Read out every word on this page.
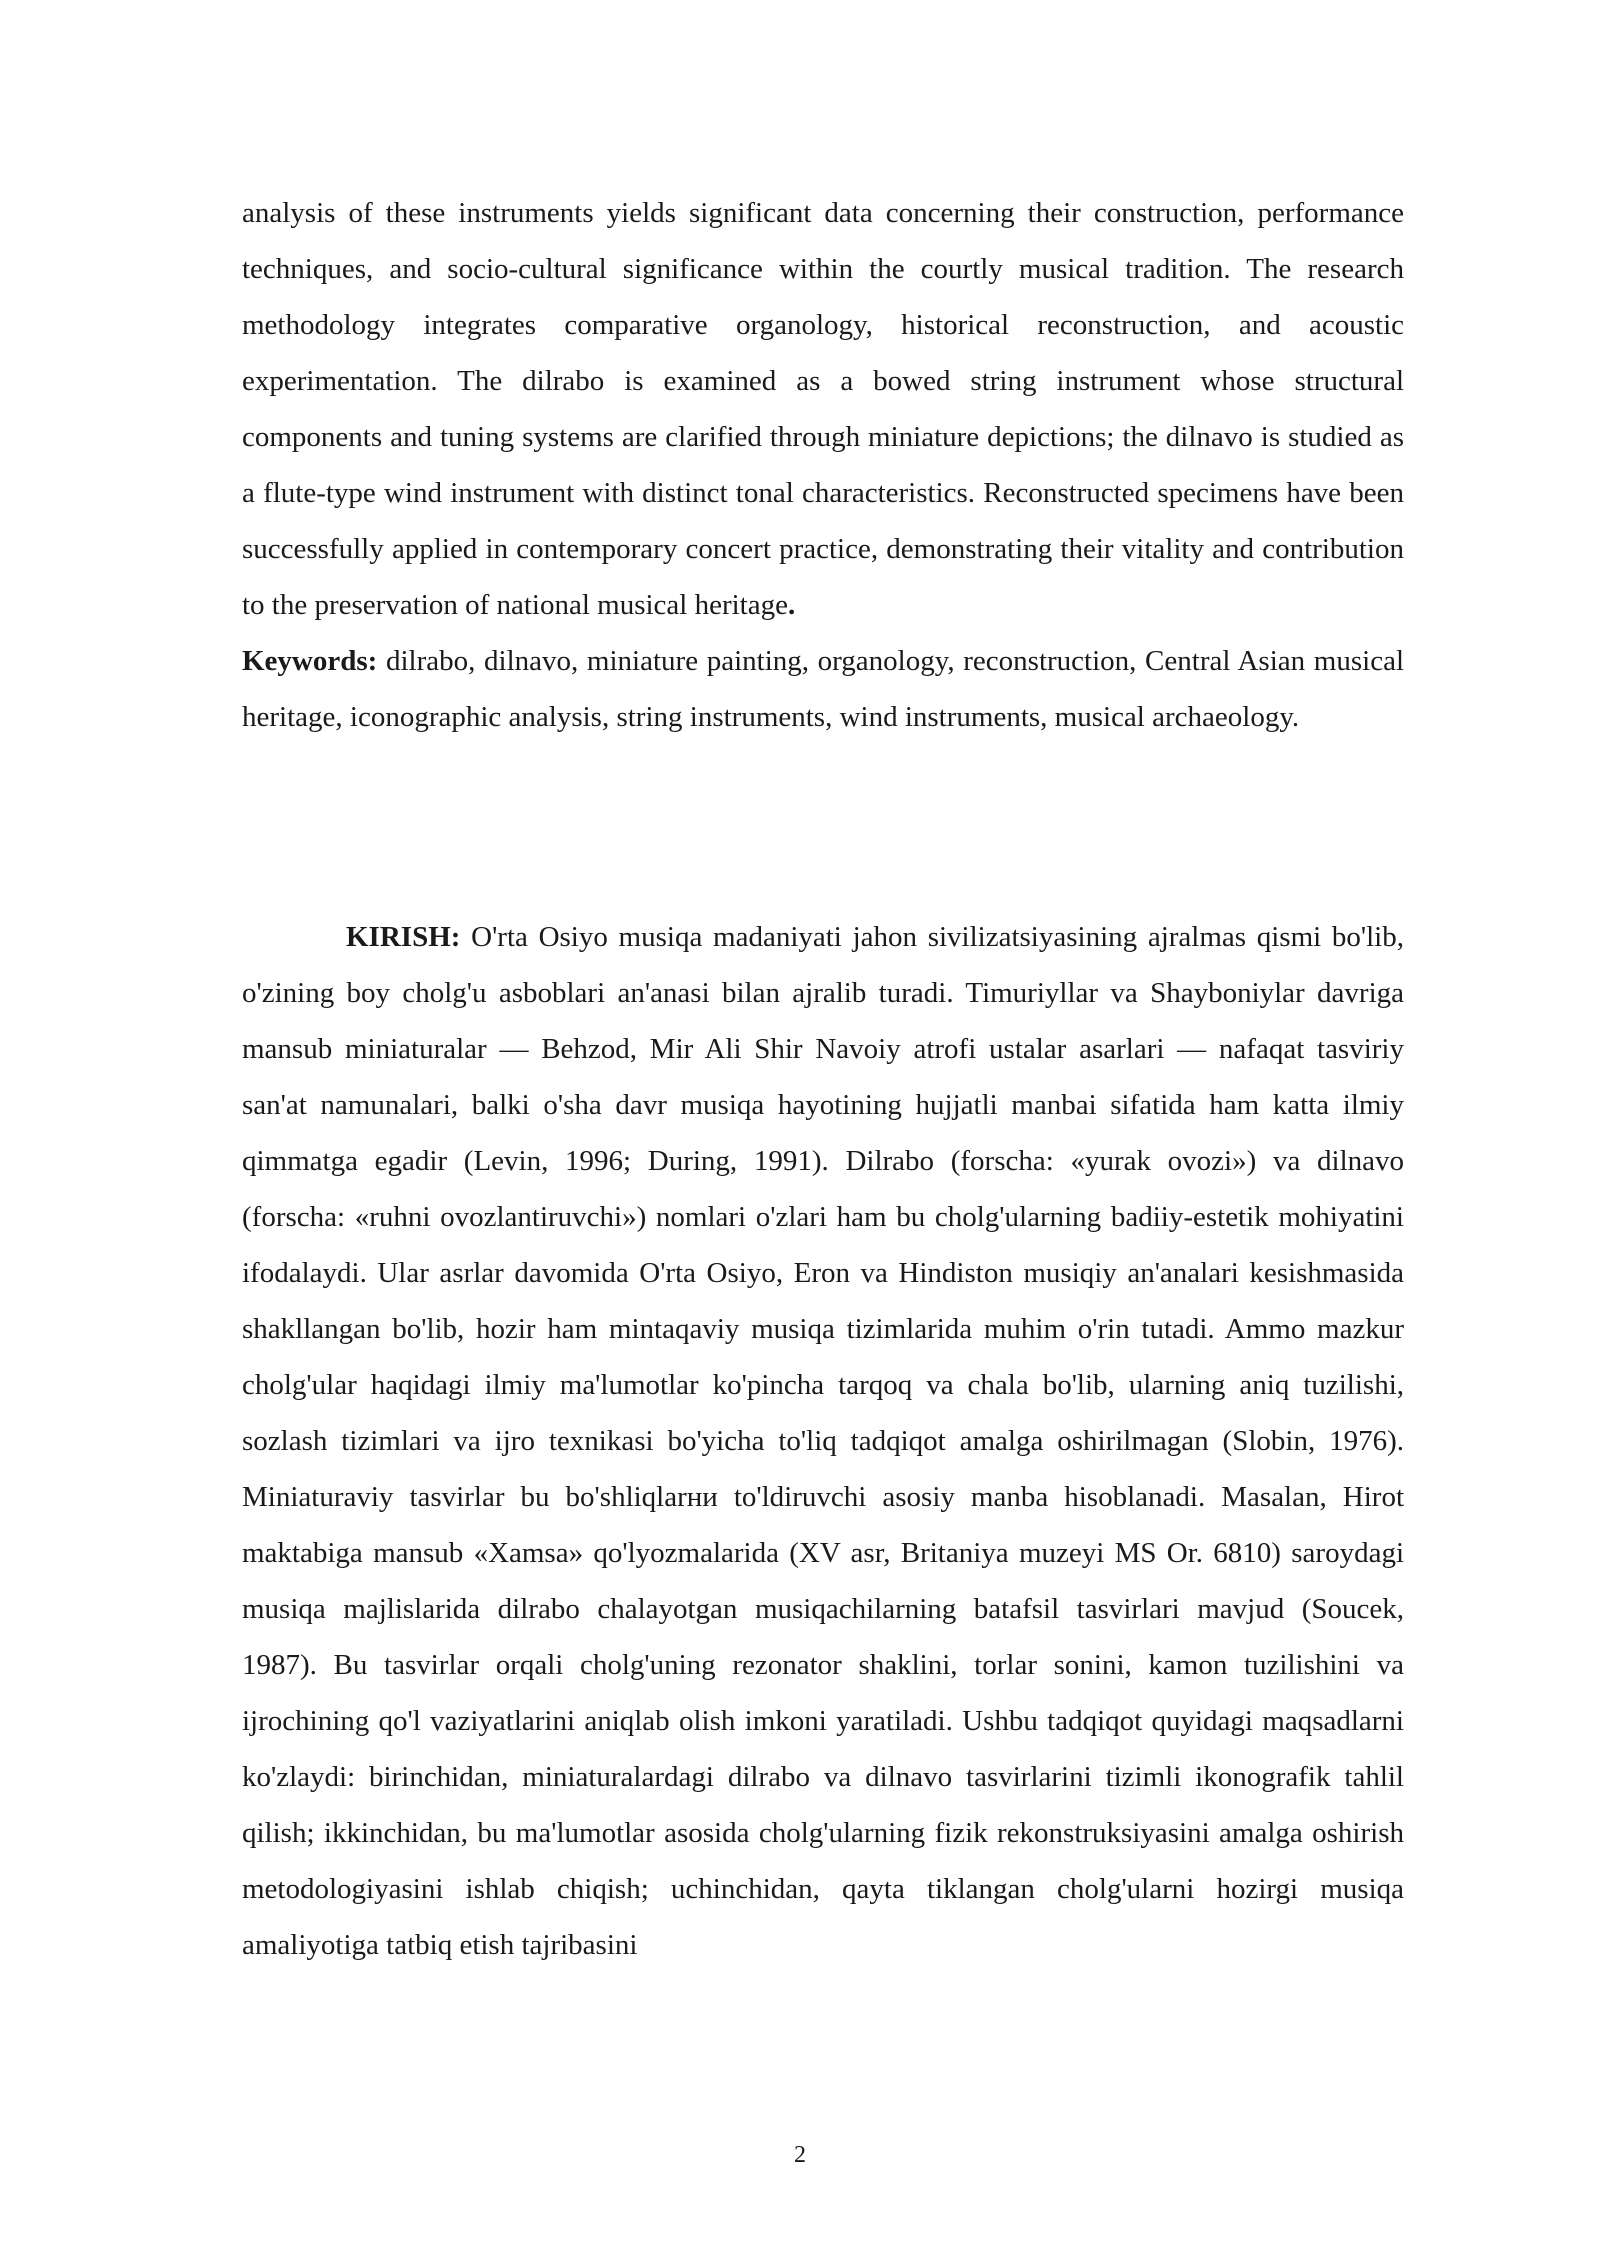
analysis of these instruments yields significant data concerning their construction, performance techniques, and socio-cultural significance within the courtly musical tradition. The research methodology integrates comparative organology, historical reconstruction, and acoustic experimentation. The dilrabo is examined as a bowed string instrument whose structural components and tuning systems are clarified through miniature depictions; the dilnavo is studied as a flute-type wind instrument with distinct tonal characteristics. Reconstructed specimens have been successfully applied in contemporary concert practice, demonstrating their vitality and contribution to the preservation of national musical heritage.

Keywords: dilrabo, dilnavo, miniature painting, organology, reconstruction, Central Asian musical heritage, iconographic analysis, string instruments, wind instruments, musical archaeology.

KIRISH: O'rta Osiyo musiqa madaniyati jahon sivilizatsiyasining ajralmas qismi bo'lib, o'zining boy cholg'u asboblari an'anasi bilan ajralib turadi. Timuriyllar va Shayboniylar davriga mansub miniaturalar — Behzod, Mir Ali Shir Navoiy atrofi ustalar asarlari — nafaqat tasviriy san'at namunalari, balki o'sha davr musiqa hayotining hujjatli manbai sifatida ham katta ilmiy qimmatga egadir (Levin, 1996; During, 1991). Dilrabo (forscha: «yurak ovozi») va dilnavo (forscha: «ruhni ovozlantiruvchi») nomlari o'zlari ham bu cholg'ularning badiiy-estetik mohiyatini ifodalaydi. Ular asrlar davomida O'rta Osiyo, Eron va Hindiston musiqiy an'analari kesishmasida shakllangan bo'lib, hozir ham mintaqaviy musiqa tizimlarida muhim o'rin tutadi. Ammo mazkur cholg'ular haqidagi ilmiy ma'lumotlar ko'pincha tarqoq va chala bo'lib, ularning aniq tuzilishi, sozlash tizimlari va ijro texnikasi bo'yicha to'liq tadqiqot amalga oshirilmagan (Slobin, 1976). Miniaturaviy tasvirlar bu bo'shliqlarни to'ldiruvchi asosiy manba hisoblanadi. Masalan, Hirot maktabiga mansub «Xamsa» qo'lyozmalarida (XV asr, Britaniya muzeyi MS Or. 6810) saroydagi musiqa majlislarida dilrabo chalayotgan musiqachilarning batafsil tasvirlari mavjud (Soucek, 1987). Bu tasvirlar orqali cholg'uning rezonator shaklini, torlar sonini, kamon tuzilishini va ijrochining qo'l vaziyatlarini aniqlab olish imkoni yaratiladi. Ushbu tadqiqot quyidagi maqsadlarni ko'zlaydi: birinchidan, miniaturalardagi dilrabo va dilnavo tasvirlarini tizimli ikonografik tahlil qilish; ikkinchidan, bu ma'lumotlar asosida cholg'ularning fizik rekonstruksiyasini amalga oshirish metodologiyasini ishlab chiqish; uchinchidan, qayta tiklangan cholg'ularni hozirgi musiqa amaliyotiga tatbiq etish tajribasini

2
